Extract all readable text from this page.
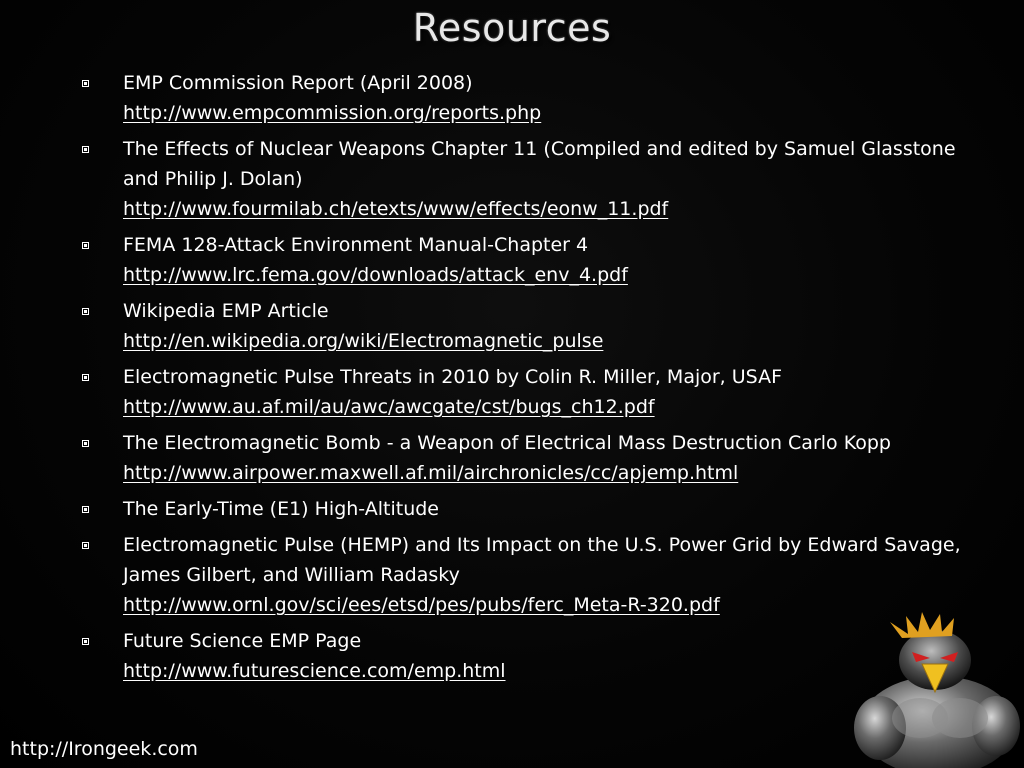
Resources
EMP Commission Report (April 2008)
http://www.empcommission.org/reports.php
The Effects of Nuclear Weapons Chapter 11 (Compiled and edited by Samuel Glasstone and Philip J. Dolan)
http://www.fourmilab.ch/etexts/www/effects/eonw_11.pdf
FEMA 128-Attack Environment Manual-Chapter 4
http://www.lrc.fema.gov/downloads/attack_env_4.pdf
Wikipedia EMP Article
http://en.wikipedia.org/wiki/Electromagnetic_pulse
Electromagnetic Pulse Threats in 2010 by Colin R. Miller, Major, USAF
http://www.au.af.mil/au/awc/awcgate/cst/bugs_ch12.pdf
The Electromagnetic Bomb - a Weapon of Electrical Mass Destruction Carlo Kopp
http://www.airpower.maxwell.af.mil/airchronicles/cc/apjemp.html
The Early-Time (E1) High-Altitude
Electromagnetic Pulse (HEMP) and Its Impact on the U.S. Power Grid by Edward Savage, James Gilbert, and William Radasky
http://www.ornl.gov/sci/ees/etsd/pes/pubs/ferc_Meta-R-320.pdf
Future Science EMP Page
http://www.futurescience.com/emp.html
http://Irongeek.com
